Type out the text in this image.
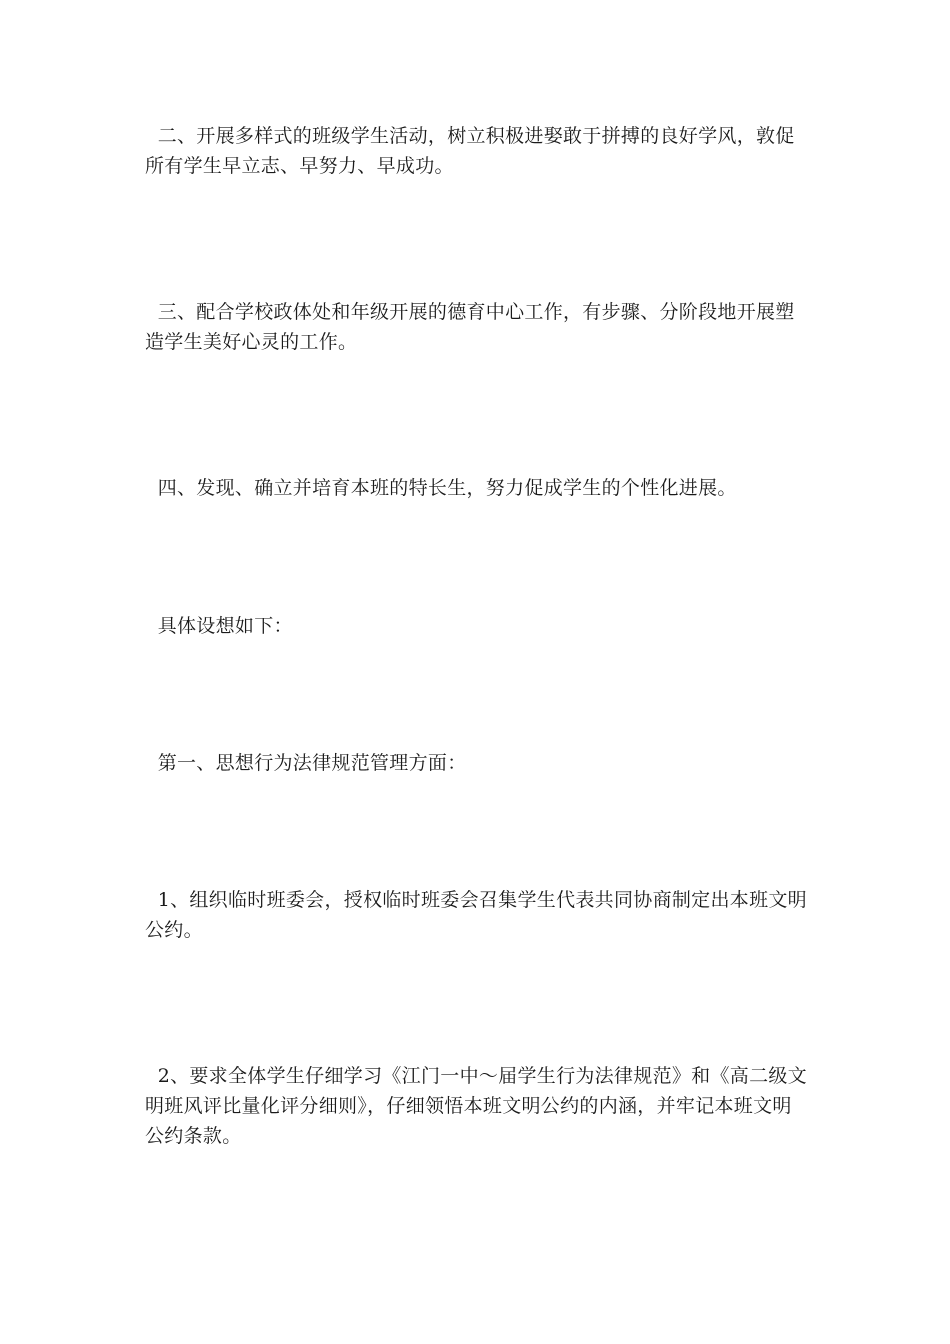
二、开展多样式的班级学生活动，树立积极进娶敢于拼搏的良好学风，敦促所有学生早立志、早努力、早成功。

三、配合学校政体处和年级开展的德育中心工作，有步骤、分阶段地开展塑造学生美好心灵的工作。

四、发现、确立并培育本班的特长生，努力促成学生的个性化进展。

具体设想如下：

第一、思想行为法律规范管理方面：

1、组织临时班委会，授权临时班委会召集学生代表共同协商制定出本班文明公约。

2、要求全体学生仔细学习《江门一中～届学生行为法律规范》和《高二级文明班风评比量化评分细则》，仔细领悟本班文明公约的内涵，并牢记本班文明公约条款。
